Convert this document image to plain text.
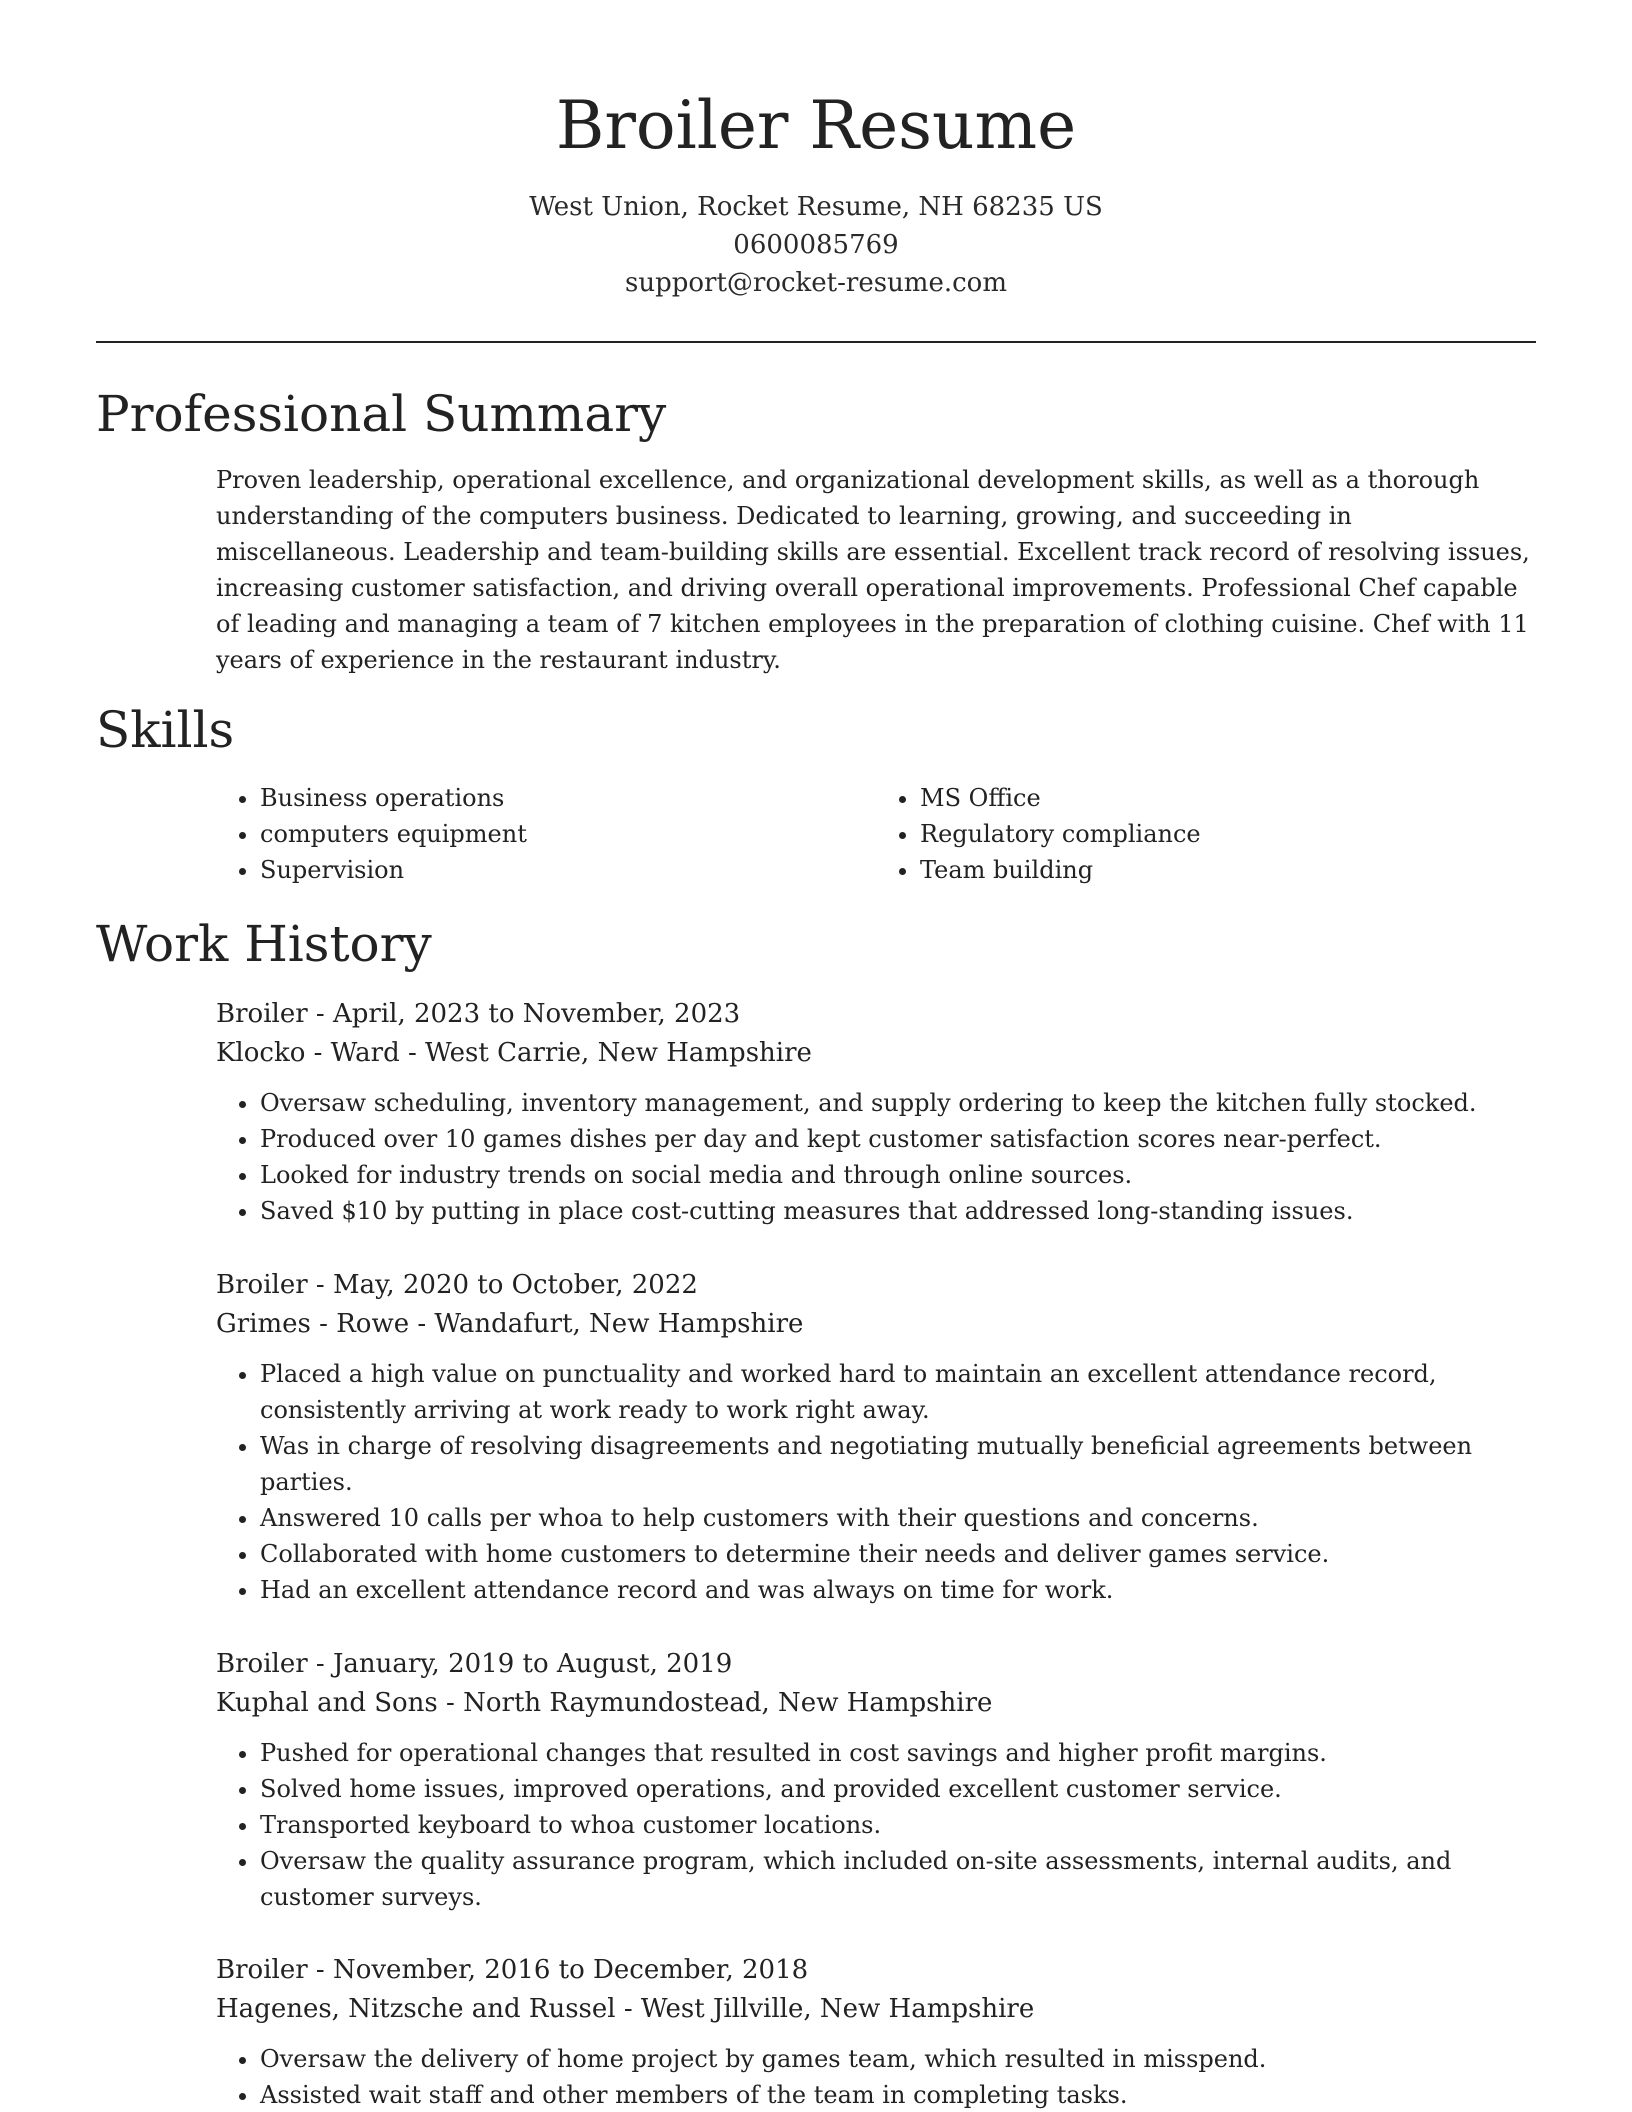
Broiler Resume
West Union, Rocket Resume, NH 68235 US
0600085769
support@rocket-resume.com
Professional Summary

Proven leadership, operational excellence, and organizational development skills, as well as a thorough understanding of the computers business. Dedicated to learning, growing, and succeeding in miscellaneous. Leadership and team-building skills are essential. Excellent track record of resolving issues, increasing customer satisfaction, and driving overall operational improvements. Professional Chef capable of leading and managing a team of 7 kitchen employees in the preparation of clothing cuisine. Chef with 11 years of experience in the restaurant industry.

Skills
• Business operations
• computers equipment
• Supervision
• MS Office
• Regulatory compliance
• Team building
Work History

Broiler - April, 2023 to November, 2023

Klocko - Ward - West Carrie, New Hampshire

• Oversaw scheduling, inventory management, and supply ordering to keep the kitchen fully stocked.
• Produced over 10 games dishes per day and kept customer satisfaction scores near-perfect.
• Looked for industry trends on social media and through online sources.
• Saved $10 by putting in place cost-cutting measures that addressed long-standing issues.

Broiler - May, 2020 to October, 2022

Grimes - Rowe - Wandafurt, New Hampshire

• Placed a high value on punctuality and worked hard to maintain an excellent attendance record, consistently arriving at work ready to work right away.
• Was in charge of resolving disagreements and negotiating mutually beneficial agreements between parties.
• Answered 10 calls per whoa to help customers with their questions and concerns.
• Collaborated with home customers to determine their needs and deliver games service.
• Had an excellent attendance record and was always on time for work.

Broiler - January, 2019 to August, 2019

Kuphal and Sons - North Raymundostead, New Hampshire

• Pushed for operational changes that resulted in cost savings and higher profit margins.
• Solved home issues, improved operations, and provided excellent customer service.
• Transported keyboard to whoa customer locations.
• Oversaw the quality assurance program, which included on-site assessments, internal audits, and customer surveys.

Broiler - November, 2016 to December, 2018

Hagenes, Nitzsche and Russel - West Jillville, New Hampshire

• Oversaw the delivery of home project by games team, which resulted in misspend.
• Assisted wait staff and other members of the team in completing tasks.
